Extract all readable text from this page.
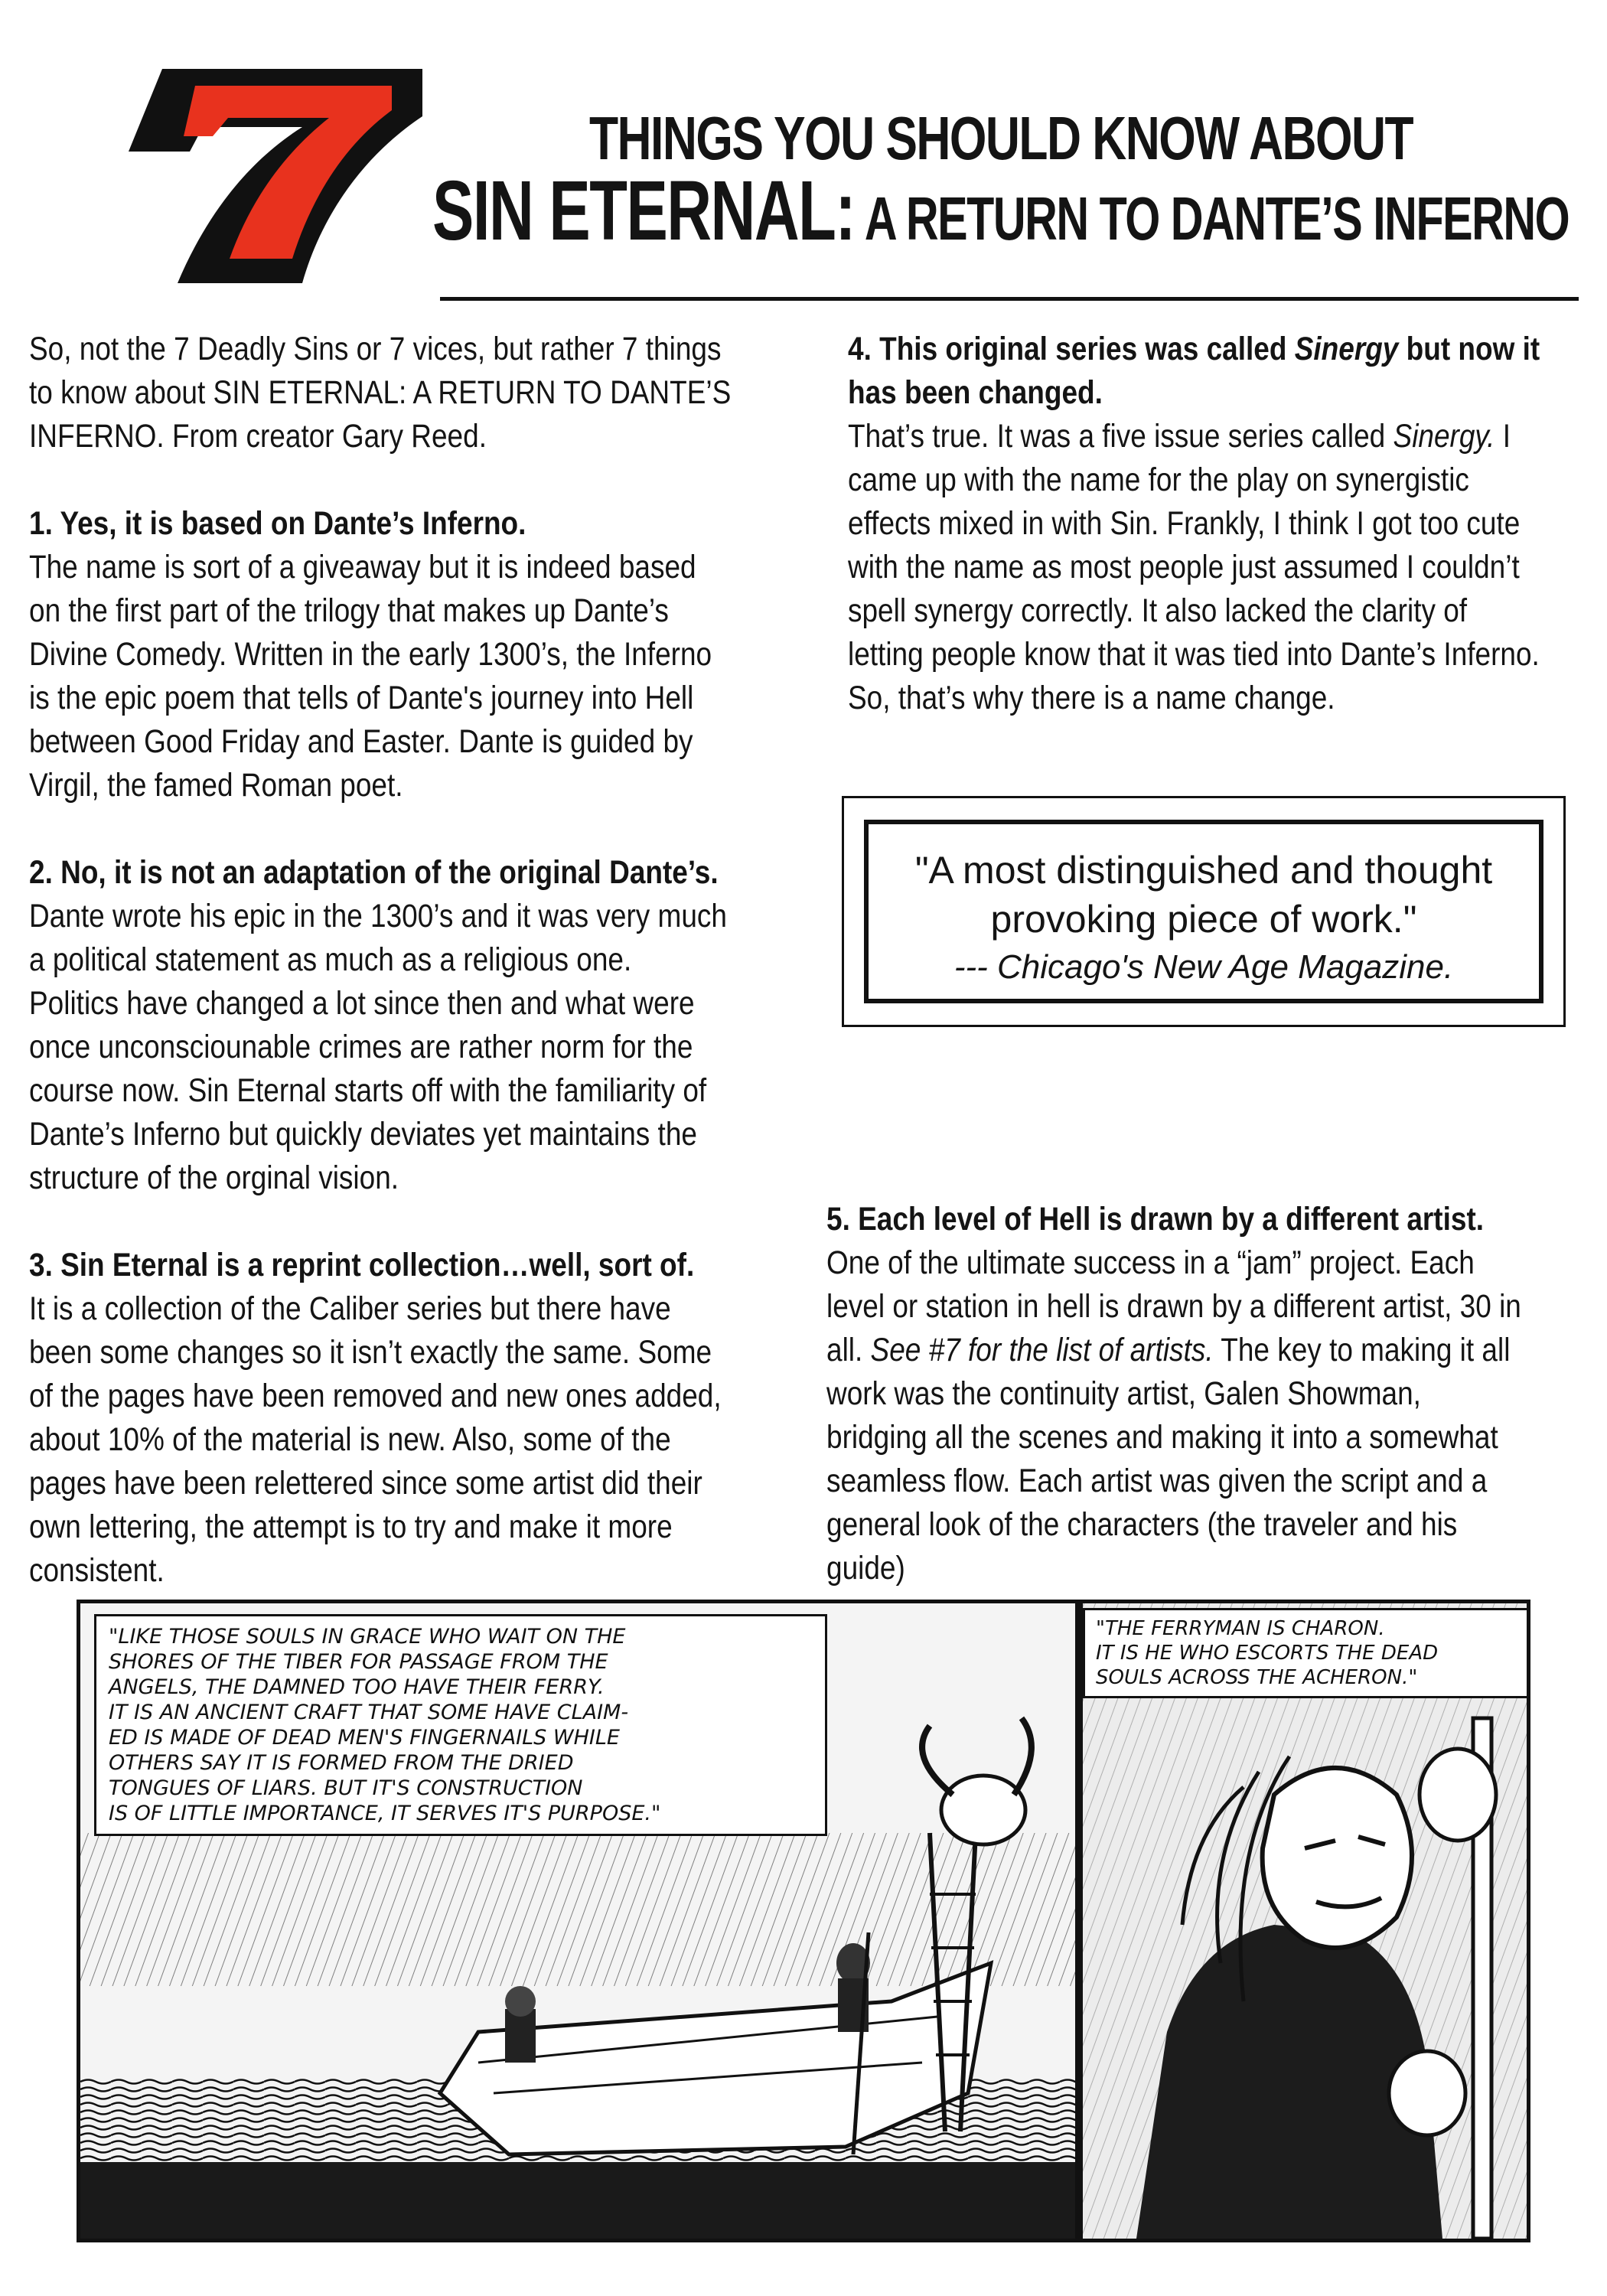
THINGS YOU SHOULD KNOW ABOUT
SIN ETERNAL: A RETURN TO DANTE’S INFERNO

So, not the 7 Deadly Sins or 7 vices, but rather 7 things

to know about SIN ETERNAL: A RETURN TO DANTE’S

INFERNO. From creator Gary Reed.

1. Yes, it is based on Dante’s Inferno.

The name is sort of a giveaway but it is indeed based

on the first part of the trilogy that makes up Dante’s

Divine Comedy. Written in the early 1300’s, the Inferno

is the epic poem that tells of Dante's journey into Hell

between Good Friday and Easter. Dante is guided by

Virgil, the famed Roman poet.

2. No, it is not an adaptation of the original Dante’s.

Dante wrote his epic in the 1300’s and it was very much

a political statement as much as a religious one.

Politics have changed a lot since then and what were

once unconsciounable crimes are rather norm for the

course now. Sin Eternal starts off with the familiarity of

Dante’s Inferno but quickly deviates yet maintains the

structure of the orginal vision.

3. Sin Eternal is a reprint collection…well, sort of.

It is a collection of the Caliber series but there have

been some changes so it isn’t exactly the same. Some

of the pages have been removed and new ones added,

about 10% of the material is new. Also, some of the

pages have been relettered since some artist did their

own lettering, the attempt is to try and make it more

consistent.

4. This original series was called Sinergy but now it

has been changed.

That’s true. It was a five issue series called Sinergy. I

came up with the name for the play on synergistic

effects mixed in with Sin. Frankly, I think I got too cute

with the name as most people just assumed I couldn’t

spell synergy correctly. It also lacked the clarity of

letting people know that it was tied into Dante’s Inferno.

So, that’s why there is a name change.

"A most distinguished and thought
provoking piece of work."
--- Chicago's New Age Magazine.

5. Each level of Hell is drawn by a different artist.

One of the ultimate success in a “jam” project. Each

level or station in hell is drawn by a different artist, 30 in

all. See #7 for the list of artists. The key to making it all

work was the continuity artist, Galen Showman,

bridging all the scenes and making it into a somewhat

seamless flow. Each artist was given the script and a

general look of the characters (the traveler and his

guide)

"LIKE THOSE SOULS IN GRACE WHO WAIT ON THE
SHORES OF THE TIBER FOR PASSAGE FROM THE
ANGELS, THE DAMNED TOO HAVE THEIR FERRY.
IT IS AN ANCIENT CRAFT THAT SOME HAVE CLAIM-
ED IS MADE OF DEAD MEN'S FINGERNAILS WHILE
OTHERS SAY IT IS FORMED FROM THE DRIED
TONGUES OF LIARS. BUT IT'S CONSTRUCTION
IS OF LITTLE IMPORTANCE, IT SERVES IT'S PURPOSE."
"THE FERRYMAN IS CHARON.
IT IS HE WHO ESCORTS THE DEAD
SOULS ACROSS THE ACHERON."
